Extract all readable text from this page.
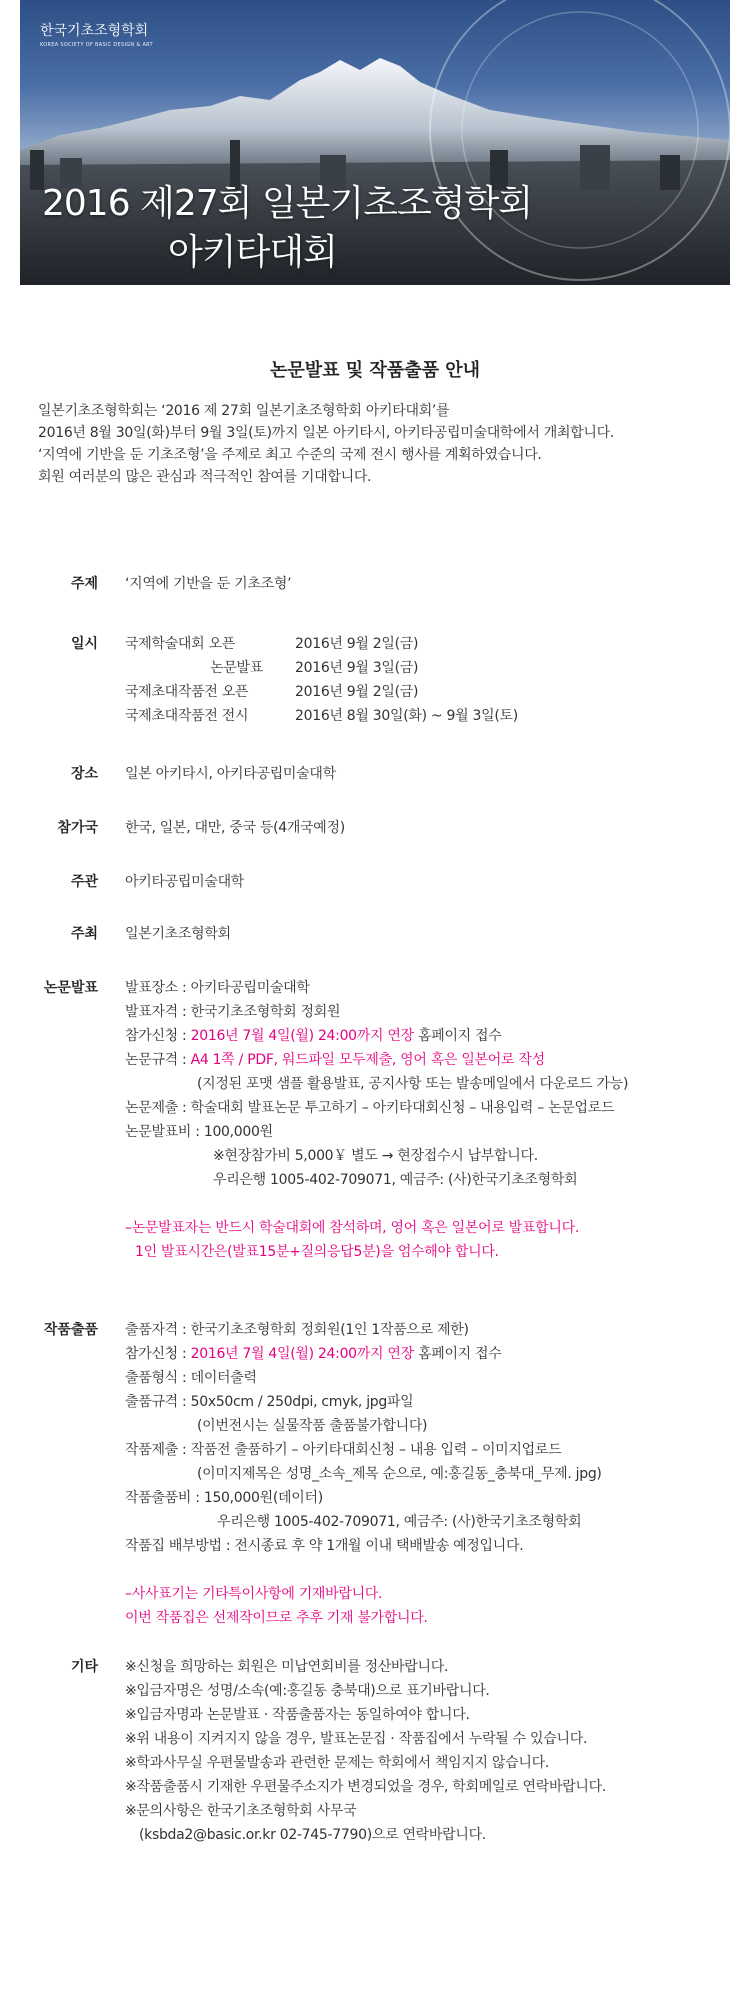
한국기초조형학회
KOREA SOCIETY OF BASIC DESIGN & ART
2016 제27회 일본기초조형학회
아키타대회
논문발표 및 작품출품 안내
일본기초조형학회는 ‘2016 제 27회 일본기초조형학회 아키타대회’를
2016년 8월 30일(화)부터 9월 3일(토)까지 일본 아키타시, 아키타공립미술대학에서 개최합니다.
‘지역에 기반을 둔 기초조형’을 주제로 최고 수준의 국제 전시 행사를 계획하였습니다.
회원 여러분의 많은 관심과 적극적인 참여를 기대합니다.
주제 ‘지역에 기반을 둔 기초조형’
일시 국제학술대회 오픈	2016년 9월 2일(금)
논문발표 2016년 9월 3일(금)
국제초대작품전 오픈	2016년 9월 2일(금)
국제초대작품전 전시	2016년 8월 30일(화) ~ 9월 3일(토)
장소 일본 아키타시, 아키타공립미술대학
참가국 한국, 일본, 대만, 중국 등(4개국예정)
주관 아키타공립미술대학
주최 일본기초조형학회
논문발표 발표장소 : 아키타공립미술대학
발표자격 : 한국기초조형학회 정회원
참가신청 : 2016년 7월 4일(월) 24:00까지 연장 홈페이지 접수
논문규격 : A4 1쪽 / PDF, 워드파일 모두제출, 영어 혹은 일본어로 작성
(지정된 포맷 샘플 활용발표, 공지사항 또는 발송메일에서 다운로드 가능)
논문제출 : 학술대회 발표논문 투고하기 – 아키타대회신청 – 내용입력 – 논문업로드
논문발표비 : 100,000원
※현장참가비 5,000￥ 별도 → 현장접수시 납부합니다.
우리은행 1005-402-709071, 예금주: (사)한국기초조형학회
–논문발표자는 반드시 학술대회에 참석하며, 영어 혹은 일본어로 발표합니다.
1인 발표시간은(발표15분+질의응답5분)을 엄수해야 합니다.
작품출품 출품자격 : 한국기초조형학회 정회원(1인 1작품으로 제한)
참가신청 : 2016년 7월 4일(월) 24:00까지 연장 홈페이지 접수
출품형식 : 데이터출력
출품규격 : 50x50cm / 250dpi, cmyk, jpg파일
(이번전시는 실물작품 출품불가합니다)
작품제출 : 작품전 출품하기 – 아키타대회신청 – 내용 입력 – 이미지업로드
(이미지제목은 성명_소속_제목 순으로, 예:홍길동_충북대_무제. jpg)
작품출품비 : 150,000원(데이터)
우리은행 1005-402-709071, 예금주: (사)한국기초조형학회
작품집 배부방법 : 전시종료 후 약 1개월 이내 택배발송 예정입니다.
–사사표기는 기타특이사항에 기재바랍니다.
이번 작품집은 선제작이므로 추후 기재 불가합니다.
기타 ※신청을 희망하는 회원은 미납연회비를 정산바랍니다.
※입금자명은 성명/소속(예:홍길동 충북대)으로 표기바랍니다.
※입금자명과 논문발표 · 작품출품자는 동일하여야 합니다.
※위 내용이 지켜지지 않을 경우, 발표논문집 · 작품집에서 누락될 수 있습니다.
※학과사무실 우편물발송과 관련한 문제는 학회에서 책임지지 않습니다.
※작품출품시 기재한 우편물주소지가 변경되었을 경우, 학회메일로 연락바랍니다.
※문의사항은 한국기초조형학회 사무국
(ksbda2@basic.or.kr 02-745-7790)으로 연락바랍니다.
